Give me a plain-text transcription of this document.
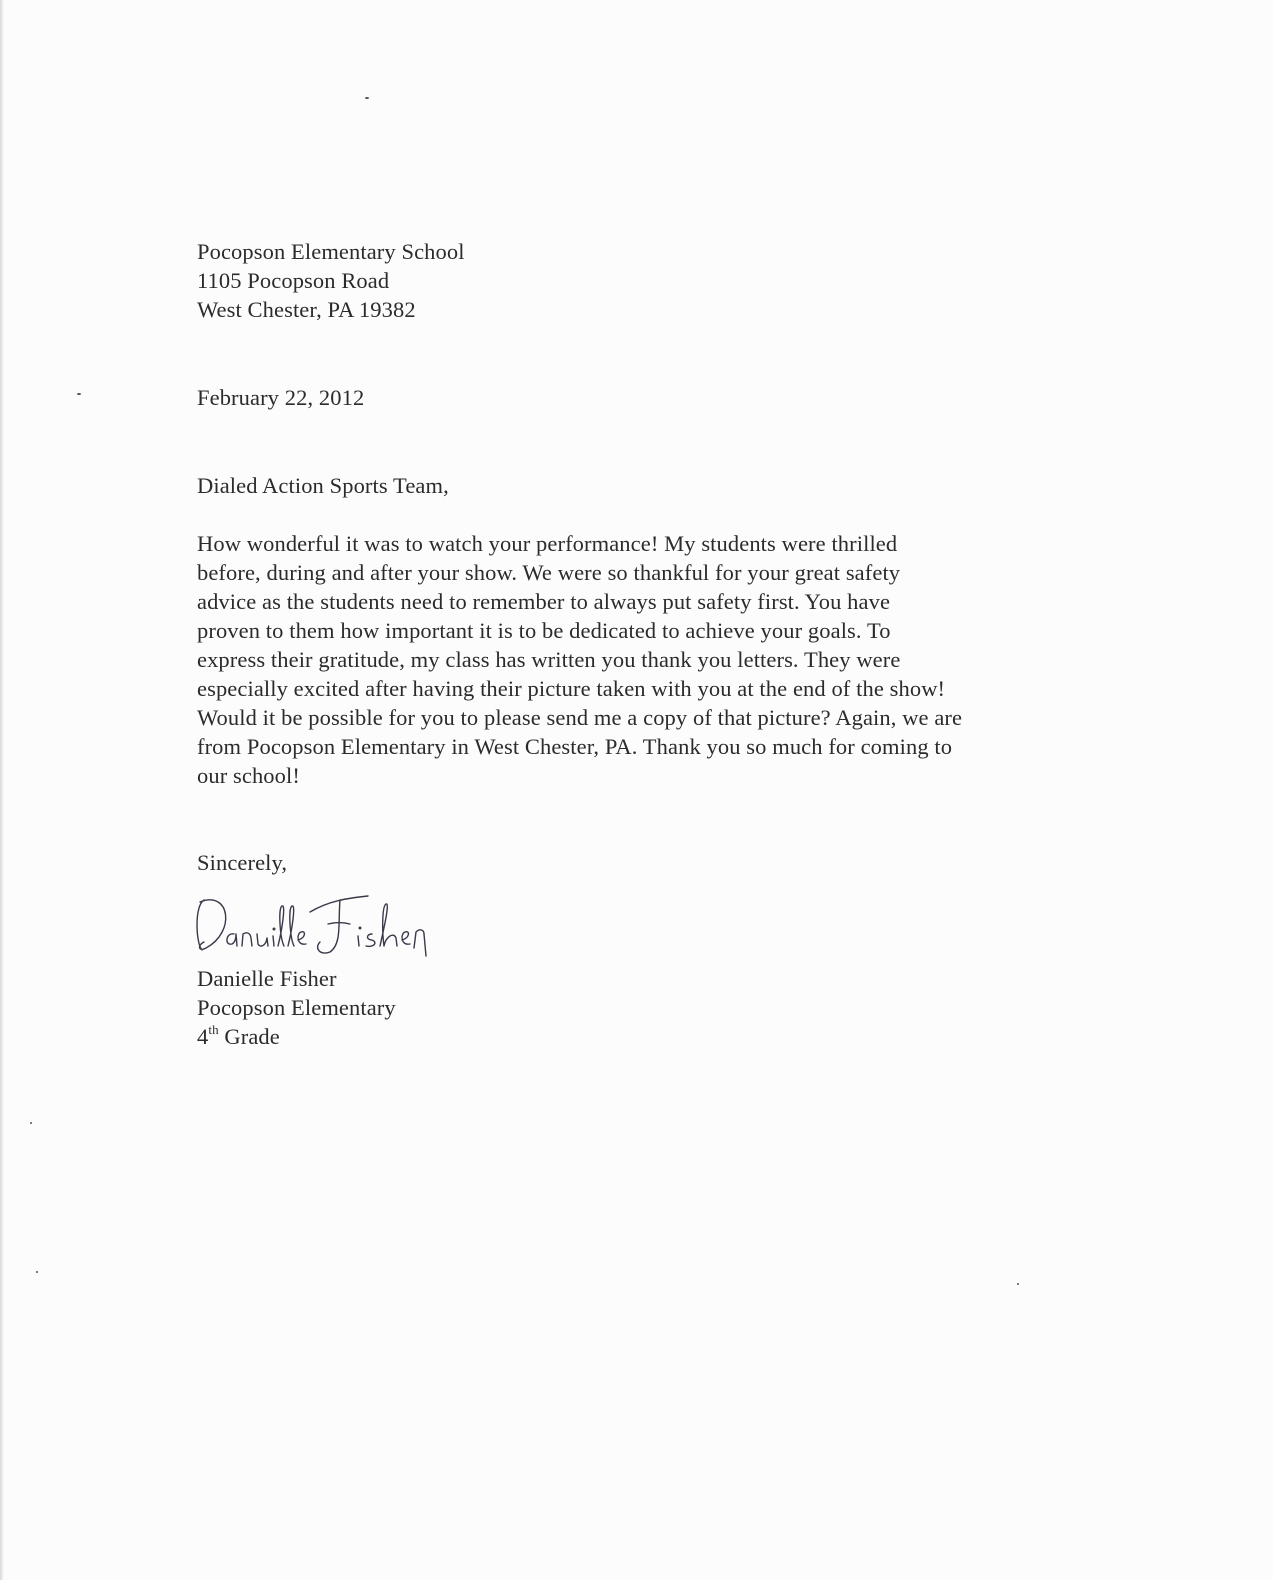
Pocopson Elementary School
1105 Pocopson Road
West Chester, PA 19382
February 22, 2012
Dialed Action Sports Team,
How wonderful it was to watch your performance! My students were thrilled
before, during and after your show. We were so thankful for your great safety
advice as the students need to remember to always put safety first. You have
proven to them how important it is to be dedicated to achieve your goals. To
express their gratitude, my class has written you thank you letters. They were
especially excited after having their picture taken with you at the end of the show!
Would it be possible for you to please send me a copy of that picture? Again, we are
from Pocopson Elementary in West Chester, PA. Thank you so much for coming to
our school!
Sincerely,
Danielle Fisher
Pocopson Elementary
4th Grade
